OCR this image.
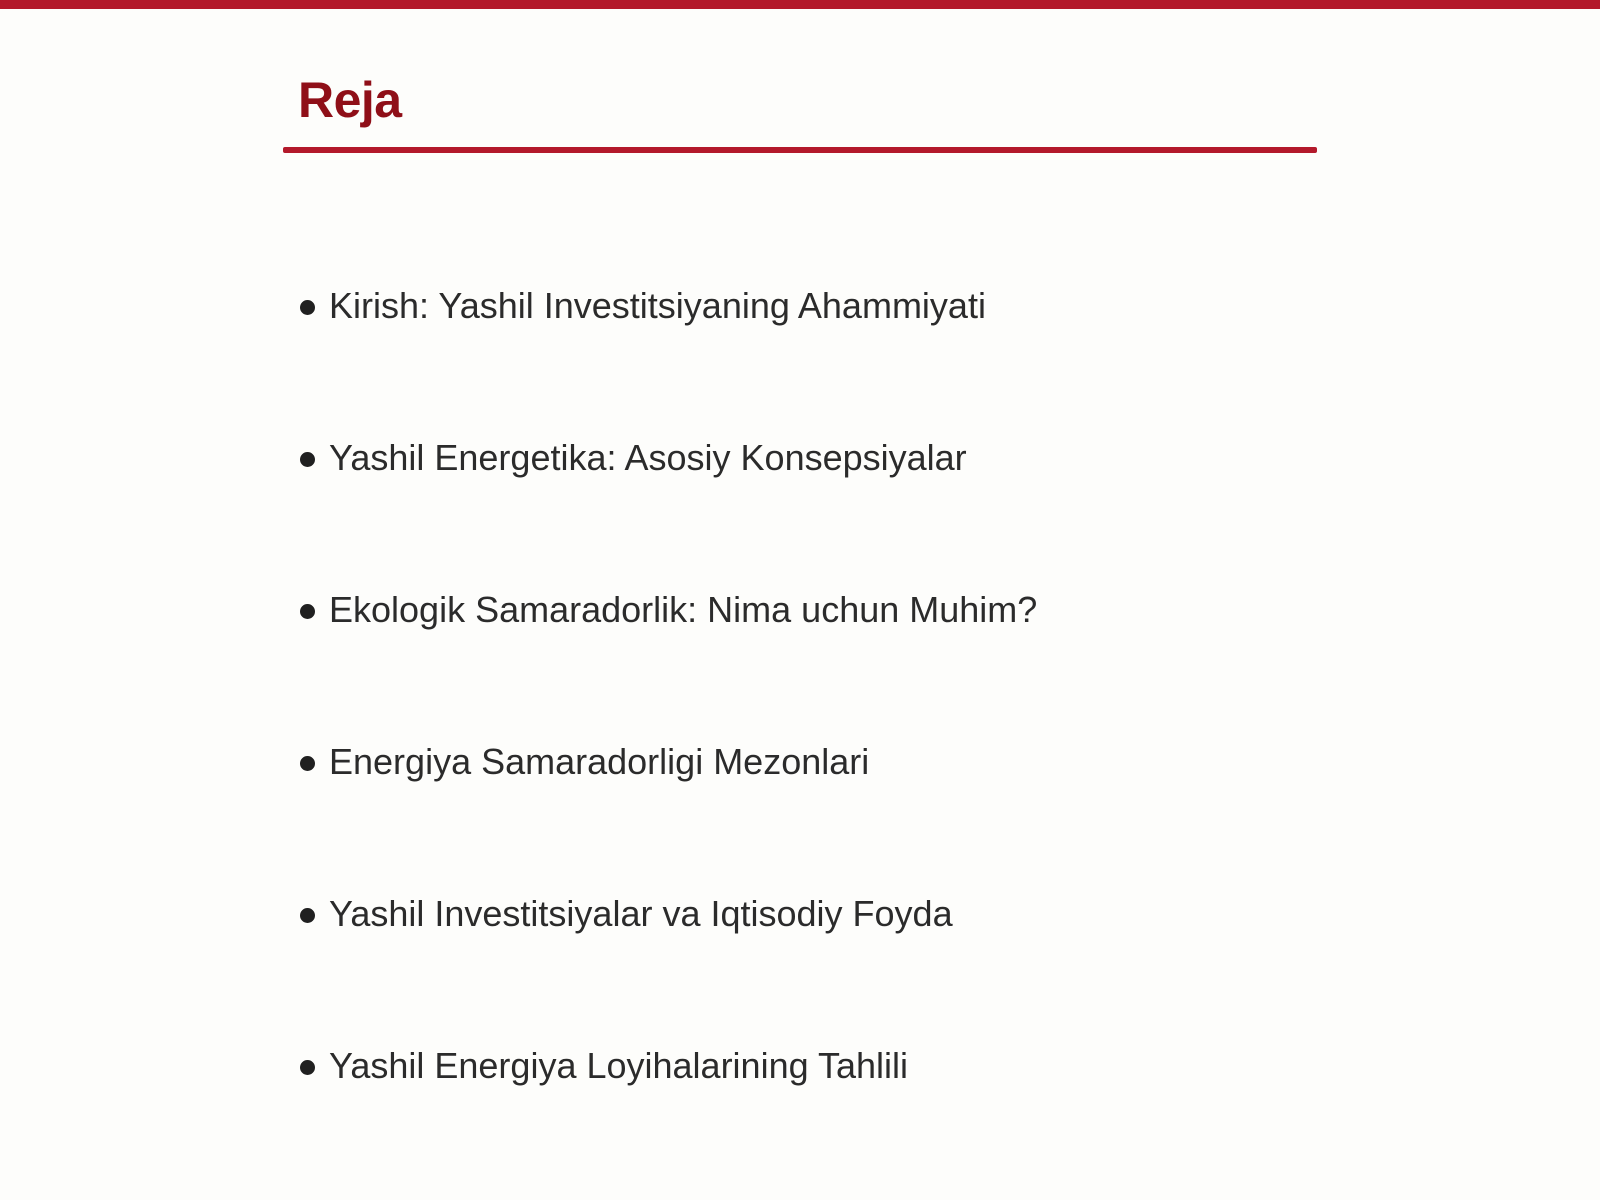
Reja
Kirish: Yashil Investitsiyaning Ahammiyati
Yashil Energetika: Asosiy Konsepsiyalar
Ekologik Samaradorlik: Nima uchun Muhim?
Energiya Samaradorligi Mezonlari
Yashil Investitsiyalar va Iqtisodiy Foyda
Yashil Energiya Loyihalarining Tahlili
